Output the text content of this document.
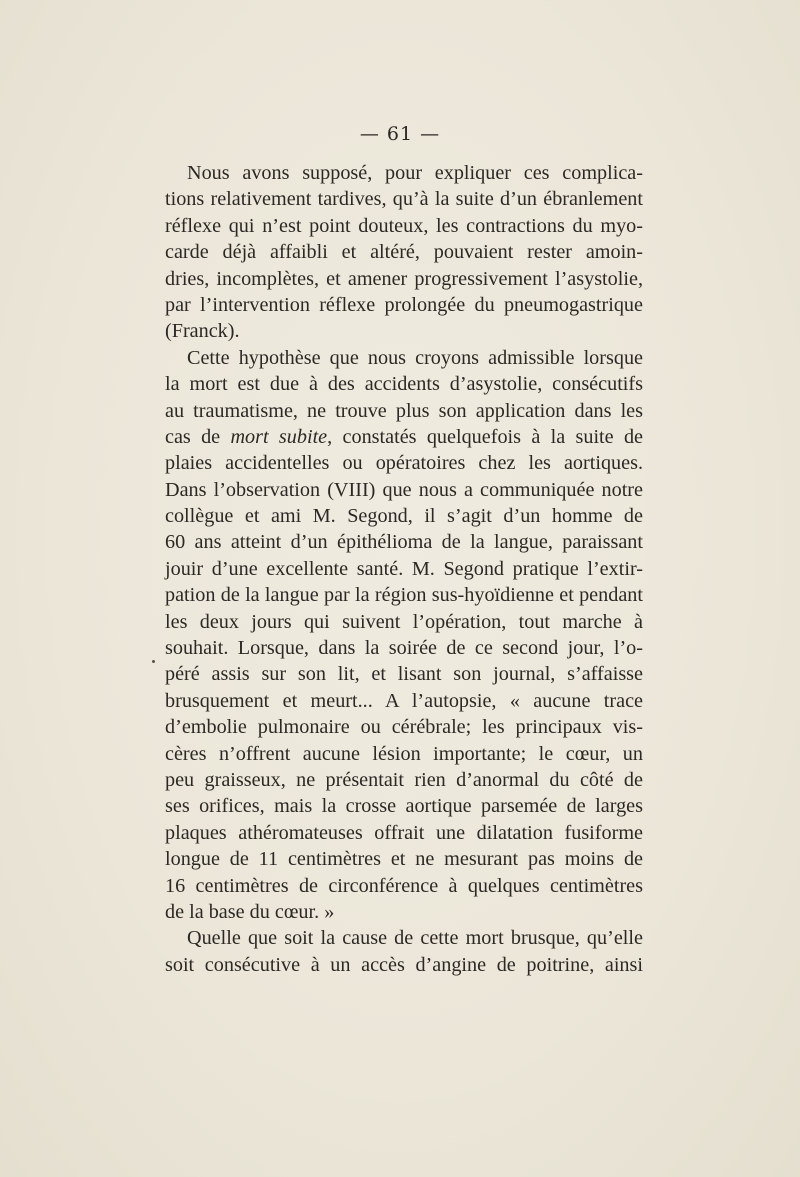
— 61 —
Nous avons supposé, pour expliquer ces complica-
tions relativement tardives, qu’à la suite d’un ébranlement
réflexe qui n’est point douteux, les contractions du myo-
carde déjà affaibli et altéré, pouvaient rester amoin-
dries, incomplètes, et amener progressivement l’asystolie,
par l’intervention réflexe prolongée du pneumogastrique
(Franck).
Cette hypothèse que nous croyons admissible lorsque
la mort est due à des accidents d’asystolie, consécutifs
au traumatisme, ne trouve plus son application dans les
cas de mort subite, constatés quelquefois à la suite de
plaies accidentelles ou opératoires chez les aortiques.
Dans l’observation (VIII) que nous a communiquée notre
collègue et ami M. Segond, il s’agit d’un homme de
60 ans atteint d’un épithélioma de la langue, paraissant
jouir d’une excellente santé. M. Segond pratique l’extir-
pation de la langue par la région sus-hyoïdienne et pendant
les deux jours qui suivent l’opération, tout marche à
souhait. Lorsque, dans la soirée de ce second jour, l’o-
péré assis sur son lit, et lisant son journal, s’affaisse
brusquement et meurt... A l’autopsie, « aucune trace
d’embolie pulmonaire ou cérébrale; les principaux vis-
cères n’offrent aucune lésion importante; le cœur, un
peu graisseux, ne présentait rien d’anormal du côté de
ses orifices, mais la crosse aortique parsemée de larges
plaques athéromateuses offrait une dilatation fusiforme
longue de 11 centimètres et ne mesurant pas moins de
16 centimètres de circonférence à quelques centimètres
de la base du cœur. »
Quelle que soit la cause de cette mort brusque, qu’elle
soit consécutive à un accès d’angine de poitrine, ainsi
